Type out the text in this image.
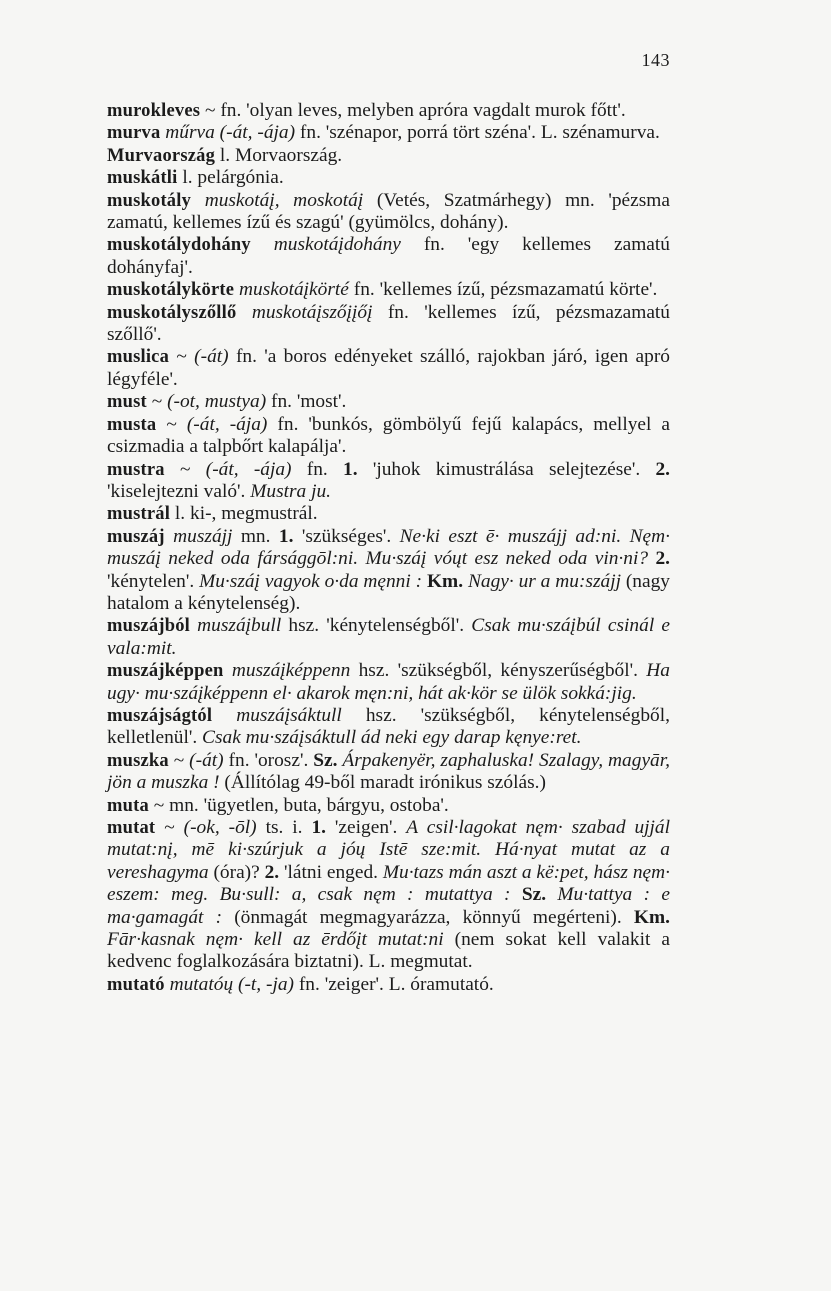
143

murokleves ~ fn. 'olyan leves, melyben apróra vagdalt murok főtt'.

murva műrva (-át, -ája) fn. 'szénapor, porrá tört széna'. L. szénamurva.

Murvaország l. Morvaország.

muskátli l. pelárgónia.

muskotály muskotáį, moskotáį (Vetés, Szatmárhegy) mn. 'pézsma zamatú, kellemes ízű és szagú' (gyümölcs, dohány).

muskotálydohány muskotáįdohány fn. 'egy kellemes zamatú dohányfaj'.

muskotálykörte muskotáįkörté fn. 'kellemes ízű, pézsmazamatú körte'.

muskotályszőllő muskotáįszőįįőį fn. 'kellemes ízű, pézsmazamatú szőllő'.

muslica ~ (-át) fn. 'a boros edényeket szálló, rajokban járó, igen apró légyféle'.

must ~ (-ot, mustya) fn. 'most'.

musta ~ (-át, -ája) fn. 'bunkós, gömbölyű fejű kalapács, mellyel a csizmadia a talpbőrt kalapálja'.

mustra ~ (-át, -ája) fn. 1. 'juhok kimustrálása selejtezése'. 2. 'kiselejtezni való'. Mustra ju.

mustrál l. ki-, megmustrál.

muszáj muszájj mn. 1. 'szükséges'. Ne·ki eszt ē· muszájj ad:ni. Nęm· muszáį neked oda fársággōl:ni. Mu·száį vóųt esz neked oda vin·ni? 2. 'kénytelen'. Mu·száį vagyok o·da męnni : Km. Nagy· ur a mu:szájj (nagy hatalom a kénytelenség).

muszájból muszáįbull hsz. 'kénytelenségből'. Csak mu·száįbúl csinál e vala:mit.

muszájképpen muszáįképpenn hsz. 'szükségből, kényszerűségből'. Ha ugy· mu·száįképpenn el· akarok męn:ni, hát ak·kör se ülök sokká:jig.

muszájságtól muszáįsáktull hsz. 'szükségből, kénytelenségből, kelletlenül'. Csak mu·száįsáktull ád neki egy darap kęnye:ret.

muszka ~ (-át) fn. 'orosz'. Sz. Árpakenyër, zaphaluska! Szalagy, magyār, jön a muszka ! (Állítólag 49-ből maradt irónikus szólás.)

muta ~ mn. 'ügyetlen, buta, bárgyu, ostoba'.

mutat ~ (-ok, -ōl) ts. i. 1. 'zeigen'. A csil·lagokat nęm· szabad ujjál mutat:nį, mē ki·szúrjuk a jóų Istē sze:mit. Há·nyat mutat az a vereshagyma (óra)? 2. 'látni enged. Mu·tazs mán aszt a kë:pet, hász nęm· eszem: meg. Bu·sull: a, csak nęm : mutattya : Sz. Mu·tattya : e ma·gamagát : (önmagát megmagyarázza, könnyű megérteni). Km. Fār·kasnak nęm· kell az ērdőįt mutat:ni (nem sokat kell valakit a kedvenc foglalkozására biztatni). L. megmutat.

mutató mutatóų (-t, -ja) fn. 'zeiger'. L. óramutató.
